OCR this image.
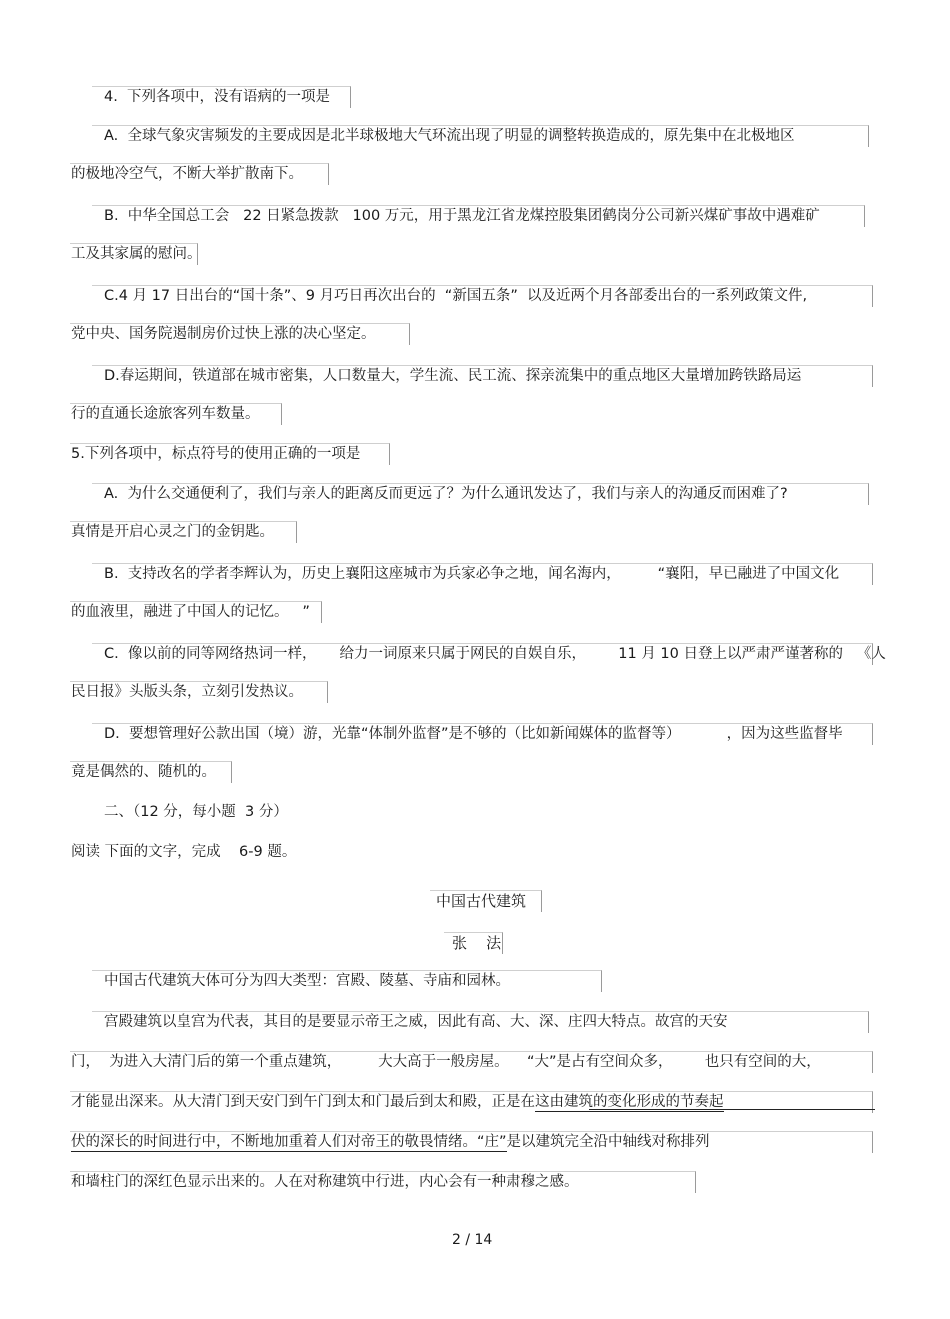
4.  下列各项中，没有语病的一项是
A.  全球气象灾害频发的主要成因是北半球极地大气环流出现了明显的调整转换造成的，原先集中在北极地区
的极地冷空气，不断大举扩散南下。
B.  中华全国总工会   22 日紧急拨款   100 万元，用于黑龙江省龙煤控股集团鹤岗分公司新兴煤矿事故中遇难矿
工及其家属的慰问。
C.4 月 17 日出台的“国十条”、9 月巧日再次出台的  “新国五条”  以及近两个月各部委出台的一系列政策文件,
党中央、国务院遏制房价过快上涨的决心坚定。
D.春运期间，铁道部在城市密集，人口数量大，学生流、民工流、探亲流集中的重点地区大量增加跨铁路局运
行的直通长途旅客列车数量。
5.下列各项中，标点符号的使用正确的一项是
A.  为什么交通便利了，我们与亲人的距离反而更远了？为什么通讯发达了，我们与亲人的沟通反而困难了?
真情是开启心灵之门的金钥匙。
B.  支持改名的学者李辉认为，历史上襄阳这座城市为兵家必争之地，闻名海内，        “襄阳，早已融进了中国文化
的血液里，融进了中国人的记忆。   ”
C.  像以前的同等网络热词一样，     给力一词原来只属于网民的自娱自乐，       11 月 10 日登上以严肃严谨著称的   《人
民日报》头版头条，立刻引发热议。
D.  要想管理好公款出国（境）游，光靠“体制外监督”是不够的（比如新闻媒体的监督等）          ，因为这些监督毕
竟是偶然的、随机的。
二、（12 分，每小题  3 分）
阅读 下面的文字，完成    6-9 题。
中国古代建筑
张    法
中国古代建筑大体可分为四大类型：宫殿、陵墓、寺庙和园林。
宫殿建筑以皇宫为代表，其目的是要显示帝王之威，因此有高、大、深、庄四大特点。故宫的天安
门，  为进入大清门后的第一个重点建筑，        大大高于一般房屋。    “大”是占有空间众多，       也只有空间的大，
才能显出深来。从大清门到天安门到午门到太和门最后到太和殿，正是在这由建筑的变化形成的节奏起
伏的深长的时间进行中，不断地加重着人们对帝王的敬畏情绪。“庄”是以建筑完全沿中轴线对称排列
和墙柱门的深红色显示出来的。人在对称建筑中行进，内心会有一种肃穆之感。
2 / 14
